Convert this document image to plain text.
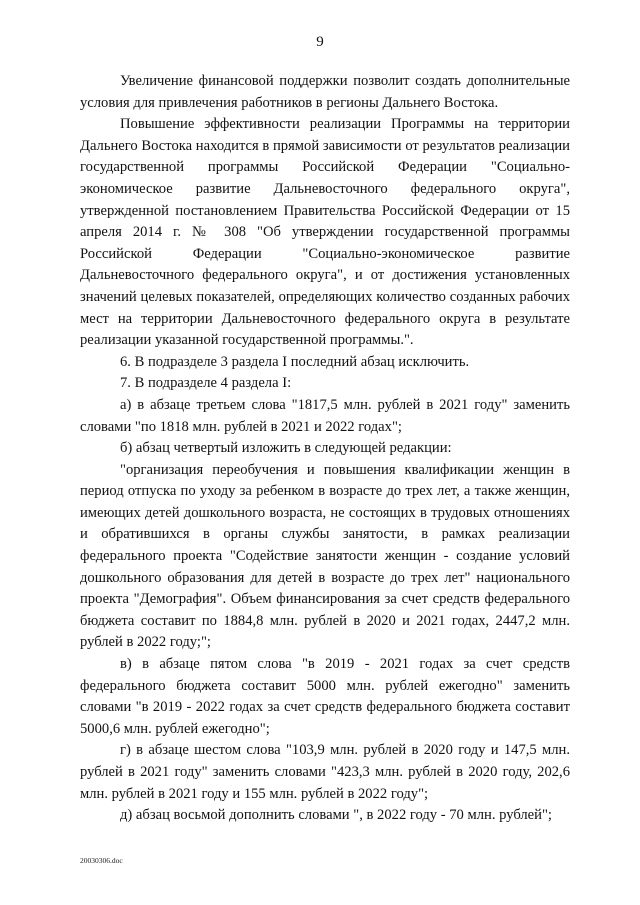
9

Увеличение финансовой поддержки позволит создать дополнительные условия для привлечения работников в регионы Дальнего Востока.

Повышение эффективности реализации Программы на территории Дальнего Востока находится в прямой зависимости от результатов реализации государственной программы Российской Федерации "Социально-экономическое развитие Дальневосточного федерального округа", утвержденной постановлением Правительства Российской Федерации от 15 апреля 2014 г. № 308 "Об утверждении государственной программы Российской Федерации "Социально-экономическое развитие Дальневосточного федерального округа", и от достижения установленных значений целевых показателей, определяющих количество созданных рабочих мест на территории Дальневосточного федерального округа в результате реализации указанной государственной программы.".

6. В подразделе 3 раздела I последний абзац исключить.

7. В подразделе 4 раздела I:

а) в абзаце третьем слова "1817,5 млн. рублей в 2021 году" заменить словами "по 1818 млн. рублей в 2021 и 2022 годах";

б) абзац четвертый изложить в следующей редакции:

"организация переобучения и повышения квалификации женщин в период отпуска по уходу за ребенком в возрасте до трех лет, а также женщин, имеющих детей дошкольного возраста, не состоящих в трудовых отношениях и обратившихся в органы службы занятости, в рамках реализации федерального проекта "Содействие занятости женщин - создание условий дошкольного образования для детей в возрасте до трех лет" национального проекта "Демография". Объем финансирования за счет средств федерального бюджета составит по 1884,8 млн. рублей в 2020 и 2021 годах, 2447,2 млн. рублей в 2022 году;";

в) в абзаце пятом слова "в 2019 - 2021 годах за счет средств федерального бюджета составит 5000 млн. рублей ежегодно" заменить словами "в 2019 - 2022 годах за счет средств федерального бюджета составит 5000,6 млн. рублей ежегодно";

г) в абзаце шестом слова "103,9 млн. рублей в 2020 году и 147,5 млн. рублей в 2021 году" заменить словами "423,3 млн. рублей в 2020 году, 202,6 млн. рублей в 2021 году и 155 млн. рублей в 2022 году";

д) абзац восьмой дополнить словами ", в 2022 году - 70 млн. рублей";

20030306.doc
